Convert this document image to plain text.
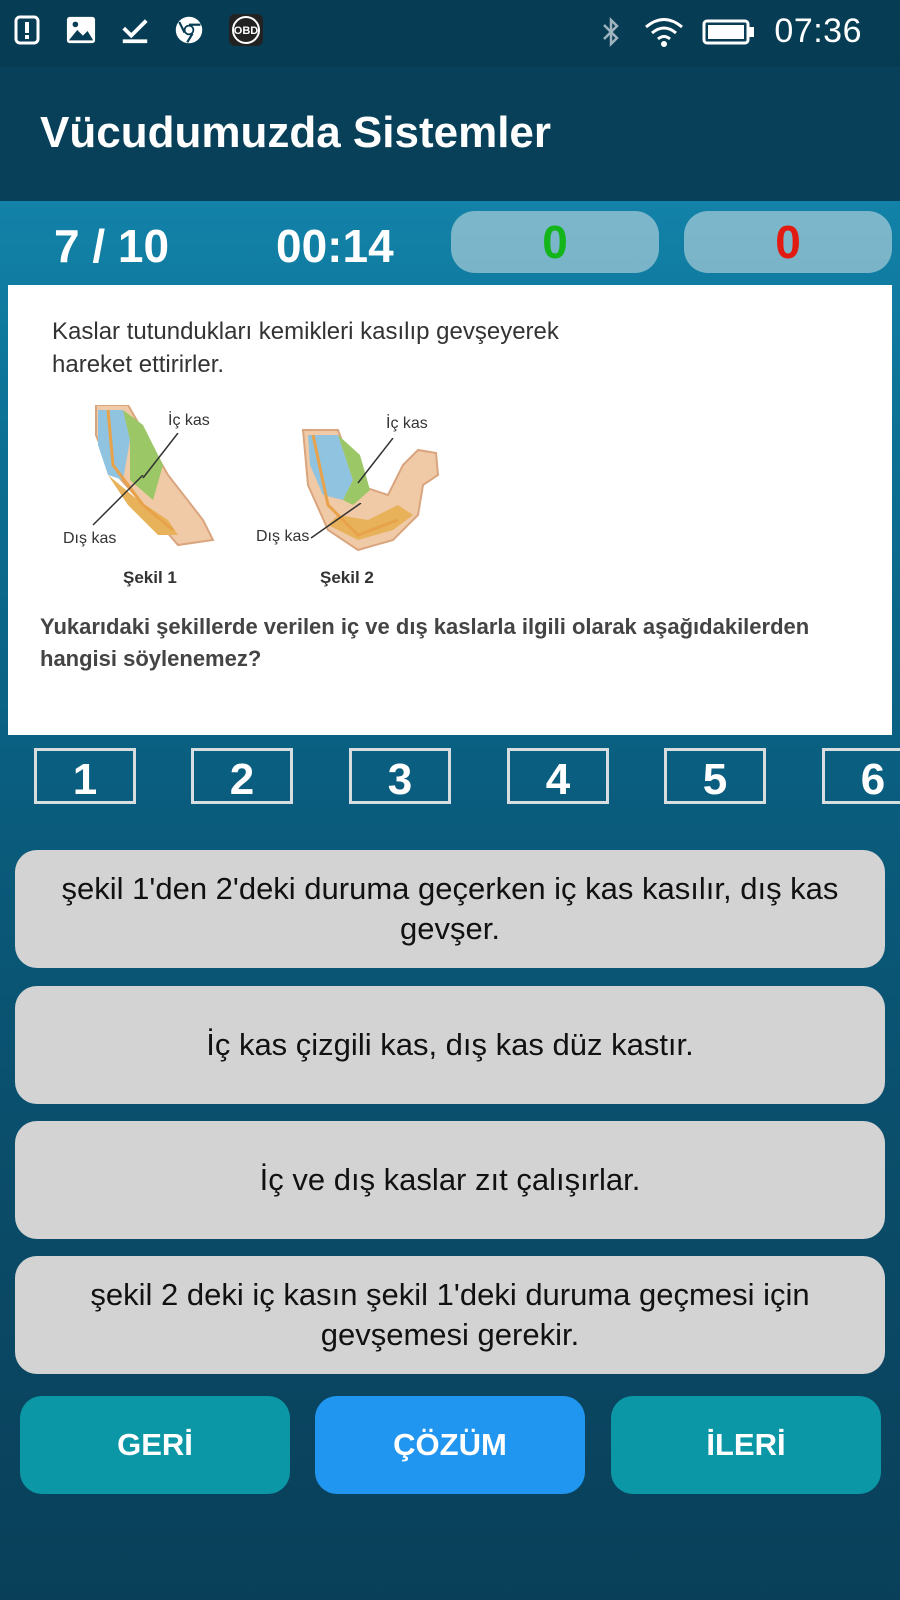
OBD	07:36
Vücudumuzda Sistemler
7 / 10 00:14	0	0
Kaslar tutundukları kemikleri kasılıp gevşeyerek hareket ettirirler.
İç kas
Dış kas
Şekil 1
İç kas
Dış kas
Şekil 2
Yukarıdaki şekillerde verilen iç ve dış kaslarla ilgili olarak aşağıdakilerden hangisi söylenemez?
1	2	3	4	5	6
şekil 1'den 2'deki duruma geçerken iç kas kasılır, dış kas gevşer.
İç kas çizgili kas, dış kas düz kastır.
İç ve dış kaslar zıt çalışırlar.
şekil 2 deki iç kasın şekil 1'deki duruma geçmesi için gevşemesi gerekir.
GERİ	ÇÖZÜM	İLERİ
